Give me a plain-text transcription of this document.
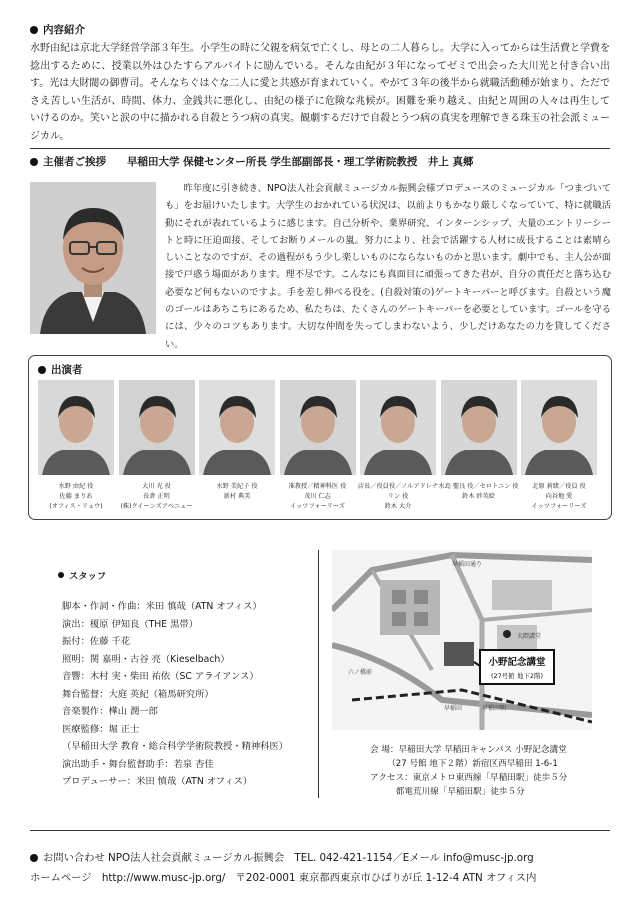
内容紹介

水野由紀は京北大学経営学部３年生。小学生の時に父親を病気で亡くし、母との二人暮らし。大学に入ってからは生活費と学費を捻出するために、授業以外はひたすらアルバイトに励んでいる。そんな由紀が３年になってゼミで出会った大川光と付き合い出す。光は大財閥の御曹司。そんなちぐはぐな二人に愛と共感が育まれていく。やがて３年の後半から就職活動種が始まり、ただでさえ苦しい生活が、時間、体力、金銭共に悪化し、由紀の様子に危険な兆候が。困難を乗り越え、由紀と周囲の人々は再生していけるのか。笑いと涙の中に描かれる自殺とうつ病の真実。観劇するだけで自殺とうつ病の真実を理解できる珠玉の社会派ミュージカル。

主催者ご挨拶　　早稲田大学 保健センター所長 学生部副部長・理工学術院教授　井上 真郷

昨年度に引き続き、NPO法人社会貢献ミュージカル振興会様プロデュースのミュージカル「つまづいても」をお届けいたします。大学生のおかれている状況は、以前よりもかなり厳しくなっていて、特に就職活動にそれが表れているように感じます。自己分析や、業界研究、インターンシップ、大量のエントリーシートと時に圧迫面接、そしてお断りメールの嵐。努力により、社会で活躍する人材に成長することは素晴らしいことなのですが、その過程がもう少し楽しいものにならないものかと思います。劇中でも、主人公が面接で戸惑う場面があります。理不尽です。こんなにも真面目に頑張ってきた君が、自分の責任だと落ち込む必要など何もないのですよ。手を差し伸べる役を、(自殺対策の)ゲートキーパーと呼びます。自殺という魔のゴールはあちこちにあるため、私たちは、たくさんのゲートキーパーを必要としています。ゴールを守るには、少々のコツもあります。大切な仲間を失ってしまわないよう、少しだけあなたの力を貸してください。

出演者
水野 由紀 役
佐藤 まりあ
(オフィス・リュウ)
大川 光 役
長倉 正明
(株)クイーンズアベニュー
水野 美紀子 役
新村 典美
准教授／精神科医 役
茂川 仁志
イッツフォーリーズ
店長／役員役／ノルアドレナリン 役
鈴木 大介
水島 聖良 役／セロトニン 役
鈴木 紗英絵
北原 莉緒／役員 役
向谷地 愛
イッツフォーリーズ
スタッフ
脚本・作詞・作曲：米田 慎哉（ATN オフィス）
演出：榎原 伊知良（THE 黒帯）
振付：佐藤 千花
照明：関 嘉明・古谷 亮（Kieselbach）
音響：木村 実・柴田 祐依（SC アライアンス）
舞台監督：大庭 英紀（箱馬研究所）
音楽製作：樺山 潤一郎
医療監修：堀 正士
（早稲田大学 教育・総合科学学術院教授・精神科医）
演出助手・舞台監督助手：若泉 杏佳
プロデューサー：米田 慎哉（ATN オフィス）
小野記念講堂
(27号館 地下2階)
早稲田通り
大隈講堂
早稲田駅
六ノ橋前
早稲田
会 場：早稲田大学 早稲田キャンパス 小野記念講堂
（27 号館 地下２階）新宿区西早稲田 1-6-1
アクセス：東京メトロ東西線「早稲田駅」徒歩５分
都電荒川線「早稲田駅」徒歩５分
お問い合わせ NPO法人社会貢献ミュージカル振興会　TEL. 042-421-1154／Eメール info@musc-jp.org
ホームページ　http://www.musc-jp.org/　〒202-0001 東京都西東京市ひばりが丘 1-12-4 ATN オフィス内
